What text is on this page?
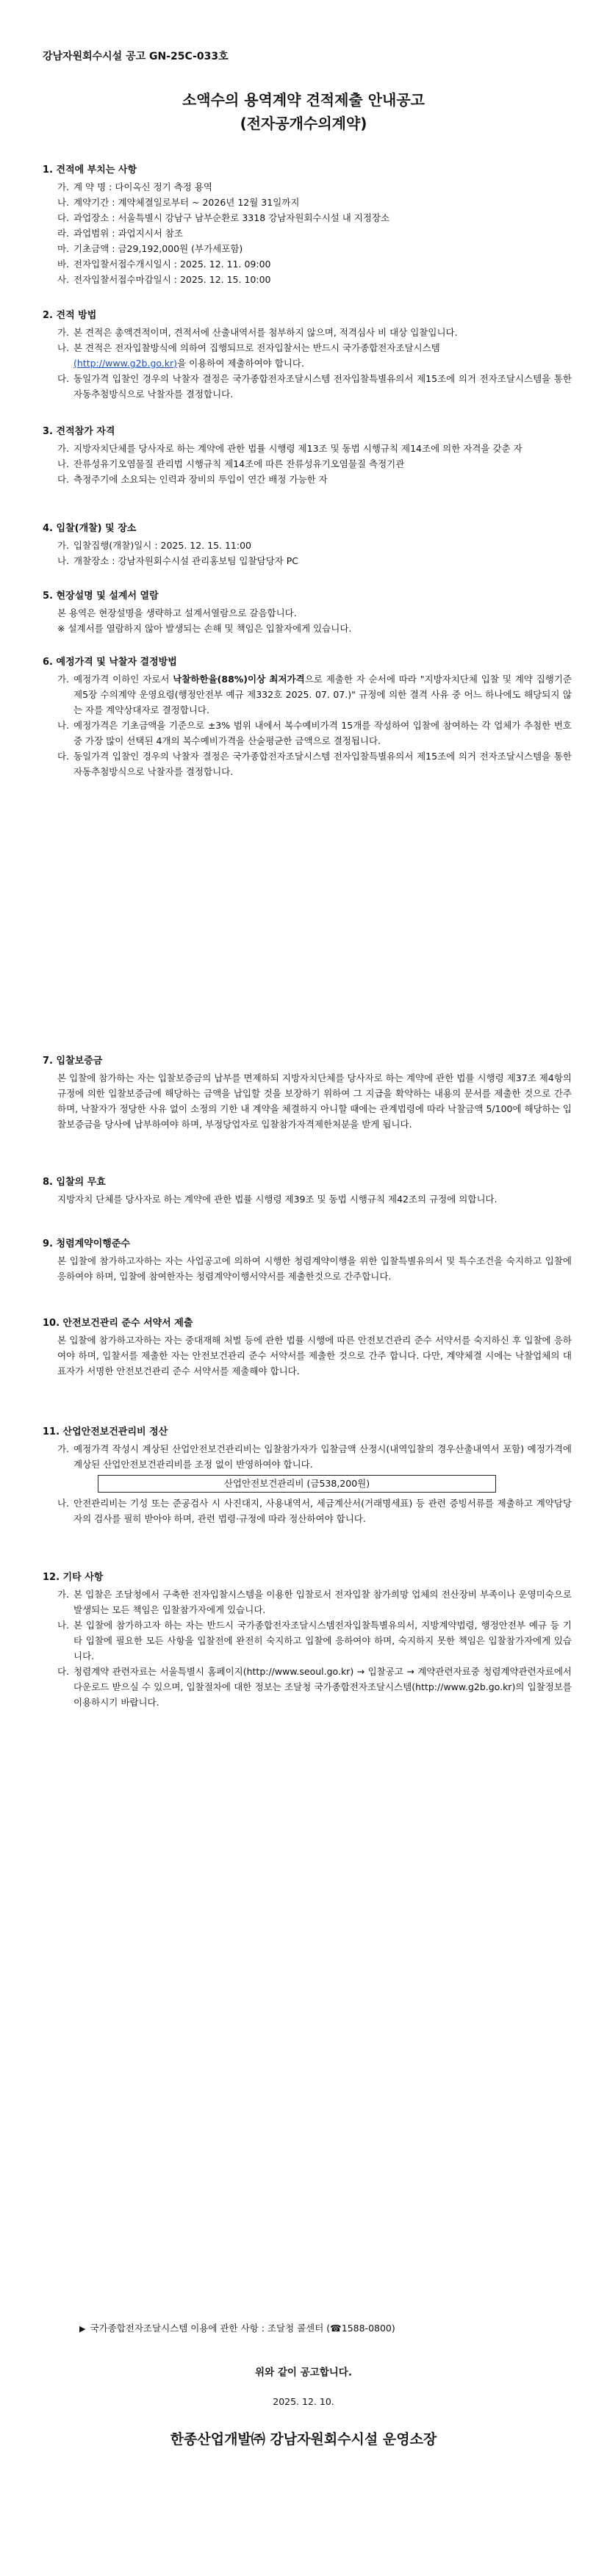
강남자원회수시설 공고 GN-25C-033호
소액수의 용역계약 견적제출 안내공고
(전자공개수의계약)
1. 견적에 부치는 사항
가. 계 약 명 : 다이옥신 정기 측정 용역
나. 계약기간 : 계약체결일로부터 ~ 2026년 12월 31일까지
다. 과업장소 : 서울특별시 강남구 남부순환로 3318 강남자원회수시설 내 지정장소
라. 과업범위 : 과업지시서 참조
마. 기초금액 : 금29,192,000원 (부가세포함)
바. 전자입찰서접수개시일시 : 2025. 12. 11. 09:00
사. 전자입찰서접수마감일시 : 2025. 12. 15. 10:00
2. 견적 방법
가. 본 견적은 총액견적이며, 견적서에 산출내역서를 첨부하지 않으며, 적격심사 비 대상 입찰입니다.
나. 본 견적은 전자입찰방식에 의하여 집행되므로 전자입찰서는 반드시 국가종합전자조달시스템
(http://www.g2b.go.kr)을 이용하여 제출하여야 합니다.
다. 동일가격 입찰인 경우의 낙찰자 결정은 국가종합전자조달시스템 전자입찰특별유의서 제15조에 의거 전자조달시스템을 통한 자동추첨방식으로 낙찰자를 결정합니다.
3. 견적참가 자격
가. 지방자치단체를 당사자로 하는 계약에 관한 법률 시행령 제13조 및 동법 시행규칙 제14조에 의한 자격을 갖춘 자
나. 잔류성유기오염물질 관리법 시행규칙 제14조에 따른 잔류성유기오염물질 측정기관
다. 측정주기에 소요되는 인력과 장비의 투입이 연간 배정 가능한 자
4. 입찰(개찰) 및 장소
가. 입찰집행(개찰)일시 : 2025. 12. 15. 11:00
나. 개찰장소 : 강남자원회수시설 관리홍보팀 입찰담당자 PC
5. 현장설명 및 설계서 열람
본 용역은 현장설명을 생략하고 설계서열람으로 갈음합니다.
※ 설계서를 열람하지 않아 발생되는 손해 및 책임은 입찰자에게 있습니다.
6. 예정가격 및 낙찰자 결정방법
가. 예정가격 이하인 자로서 낙찰하한율(88%)이상 최저가격으로 제출한 자 순서에 따라 "지방자치단체 입찰 및 계약 집행기준 제5장 수의계약 운영요령(행정안전부 예규 제332호 2025. 07. 07.)" 규정에 의한 결격 사유 중 어느 하나에도 해당되지 않는 자를 계약상대자로 결정합니다.
나. 예정가격은 기초금액을 기준으로 ±3% 범위 내에서 복수예비가격 15개를 작성하여 입찰에 참여하는 각 업체가 추첨한 번호 중 가장 많이 선택된 4개의 복수예비가격을 산술평균한 금액으로 결정됩니다.
다. 동일가격 입찰인 경우의 낙찰자 결정은 국가종합전자조달시스템 전자입찰특별유의서 제15조에 의거 전자조달시스템을 통한 자동추첨방식으로 낙찰자를 결정합니다.
7. 입찰보증금
본 입찰에 참가하는 자는 입찰보증금의 납부를 면제하되 지방자치단체를 당사자로 하는 계약에 관한 법률 시행령 제37조 제4항의 규정에 의한 입찰보증금에 해당하는 금액을 납입할 것을 보장하기 위하여 그 지급을 확약하는 내용의 문서를 제출한 것으로 간주하며, 낙찰자가 정당한 사유 없이 소정의 기한 내 계약을 체결하지 아니할 때에는 관계법령에 따라 낙찰금액 5/100에 해당하는 입찰보증금을 당사에 납부하여야 하며, 부정당업자로 입찰참가자격제한처분을 받게 됩니다.
8. 입찰의 무효
지방자치 단체를 당사자로 하는 계약에 관한 법률 시행령 제39조 및 동법 시행규칙 제42조의 규정에 의합니다.
9. 청렴계약이행준수
본 입찰에 참가하고자하는 자는 사업공고에 의하여 시행한 청렴계약이행을 위한 입찰특별유의서 및 특수조건을 숙지하고 입찰에 응하여야 하며, 입찰에 참여한자는 청렴계약이행서약서를 제출한것으로 간주합니다.
10. 안전보건관리 준수 서약서 제출
본 입찰에 참가하고자하는 자는 중대재해 처벌 등에 관한 법률 시행에 따른 안전보건관리 준수 서약서를 숙지하신 후 입찰에 응하여야 하며, 입찰서를 제출한 자는 안전보건관리 준수 서약서를 제출한 것으로 간주 합니다. 다만, 계약체결 시에는 낙찰업체의 대표자가 서명한 안전보건관리 준수 서약서를 제출해야 합니다.
11. 산업안전보건관리비 정산
가. 예정가격 작성시 계상된 산업안전보건관리비는 입찰참가자가 입찰금액 산정시(내역입찰의 경우산출내역서 포함) 예정가격에 계상된 산업안전보건관리비를 조정 없이 반영하여야 합니다.
산업안전보건관리비 (금538,200원)
나. 안전관리비는 기성 또는 준공검사 시 사진대지, 사용내역서, 세금계산서(거래명세표) 등 관련 증빙서류를 제출하고 계약담당자의 검사를 필히 받아야 하며, 관련 법령·규정에 따라 정산하여야 합니다.
12. 기타 사항
가. 본 입찰은 조달청에서 구축한 전자입찰시스템을 이용한 입찰로서 전자입찰 참가희망 업체의 전산장비 부족이나 운영미숙으로 발생되는 모든 책임은 입찰참가자에게 있습니다.
나. 본 입찰에 참가하고자 하는 자는 반드시 국가종합전자조달시스템전자입찰특별유의서, 지방계약법령, 행정안전부 예규 등 기타 입찰에 필요한 모든 사항을 입찰전에 완전히 숙지하고 입찰에 응하여야 하며, 숙지하지 못한 책임은 입찰참가자에게 있습니다.
다. 청렴계약 관련자료는 서울특별시 홈페이지(http://www.seoul.go.kr) → 입찰공고 → 계약관련자료중 청렴계약관련자료에서 다운로드 받으실 수 있으며, 입찰절차에 대한 정보는 조달청 국가종합전자조달시스템(http://www.g2b.go.kr)의 입찰정보를 이용하시기 바랍니다.
▶ 국가종합전자조달시스템 이용에 관한 사항 : 조달청 콜센터 (☎1588-0800)
위와 같이 공고합니다.
2025. 12. 10.
한종산업개발㈜ 강남자원회수시설 운영소장
